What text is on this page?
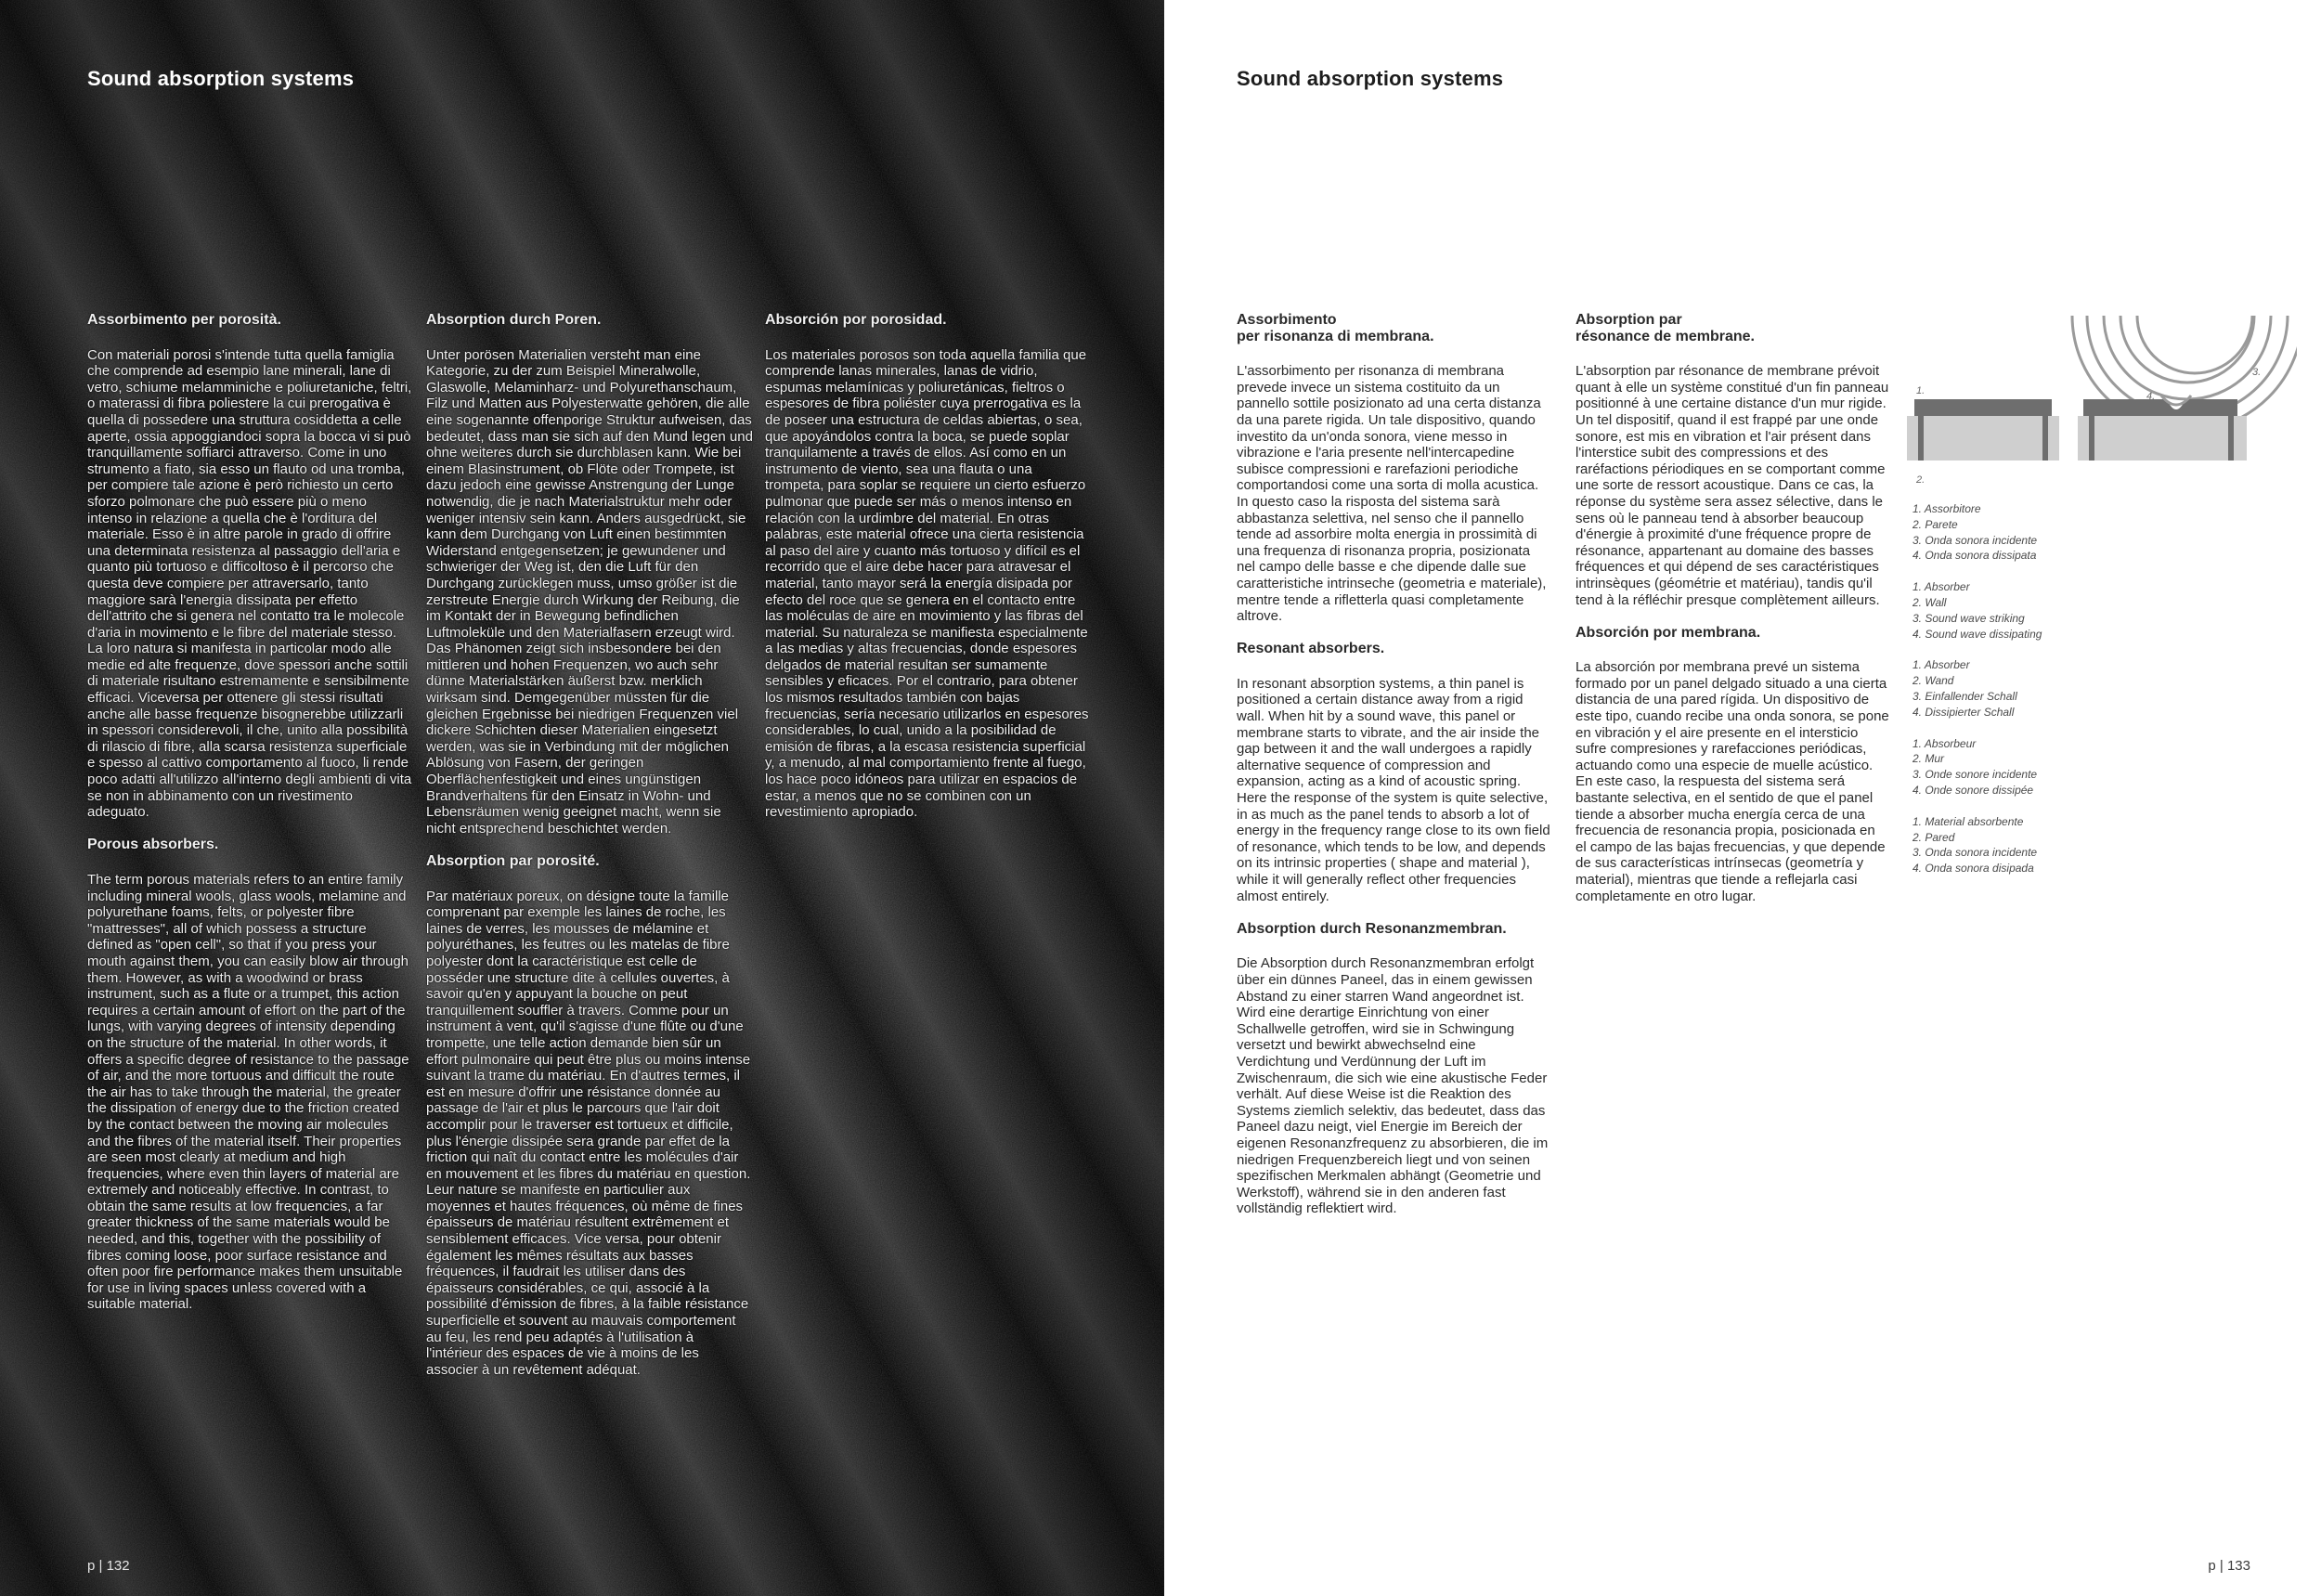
Sound absorption systems
Assorbimento per porosità.

Con materiali porosi s'intende tutta quella famiglia che comprende ad esempio lane minerali, lane di vetro, schiume melamminiche e poliuretaniche, feltri, o materassi di fibra poliestere la cui prerogativa è quella di possedere una struttura cosiddetta a celle aperte, ossia appoggiandoci sopra la bocca vi si può tranquillamente soffiarci attraverso. Come in uno strumento a fiato, sia esso un flauto od una tromba, per compiere tale azione è però richiesto un certo sforzo polmonare che può essere più o meno intenso in relazione a quella che è l'orditura del materiale. Esso è in altre parole in grado di offrire una determinata resistenza al passaggio dell'aria e quanto più tortuoso e difficoltoso è il percorso che questa deve compiere per attraversarlo, tanto maggiore sarà l'energia dissipata per effetto dell'attrito che si genera nel contatto tra le molecole d'aria in movimento e le fibre del materiale stesso.
La loro natura si manifesta in particolar modo alle medie ed alte frequenze, dove spessori anche sottili di materiale risultano estremamente e sensibilmente efficaci. Viceversa per ottenere gli stessi risultati anche alle basse frequenze bisognerebbe utilizzarli in spessori considerevoli, il che, unito alla possibilità di rilascio di fibre, alla scarsa resistenza superficiale e spesso al cattivo comportamento al fuoco, li rende poco adatti all'utilizzo all'interno degli ambienti di vita se non in abbinamento con un rivestimento adeguato.

Porous absorbers.

The term porous materials refers to an entire family including mineral wools, glass wools, melamine and polyurethane foams, felts, or polyester fibre "mattresses", all of which possess a structure defined as "open cell", so that if you press your mouth against them, you can easily blow air through them. However, as with a woodwind or brass instrument, such as a flute or a trumpet, this action requires a certain amount of effort on the part of the lungs, with varying degrees of intensity depending on the structure of the material. In other words, it offers a specific degree of resistance to the passage of air, and the more tortuous and difficult the route the air has to take through the material, the greater the dissipation of energy due to the friction created by the contact between the moving air molecules and the fibres of the material itself. Their properties are seen most clearly at medium and high frequencies, where even thin layers of material are extremely and noticeably effective. In contrast, to obtain the same results at low frequencies, a far greater thickness of the same materials would be needed, and this, together with the possibility of fibres coming loose, poor surface resistance and often poor fire performance makes them unsuitable for use in living spaces unless covered with a suitable material.

Absorption durch Poren.

Unter porösen Materialien versteht man eine Kategorie, zu der zum Beispiel Mineralwolle, Glaswolle, Melaminharz- und Polyurethanschaum, Filz und Matten aus Polyesterwatte gehören, die alle eine sogenannte offenporige Struktur aufweisen, das bedeutet, dass man sie sich auf den Mund legen und ohne weiteres durch sie durchblasen kann. Wie bei einem Blasinstrument, ob Flöte oder Trompete, ist dazu jedoch eine gewisse Anstrengung der Lunge notwendig, die je nach Materialstruktur mehr oder weniger intensiv sein kann. Anders ausgedrückt, sie kann dem Durchgang von Luft einen bestimmten Widerstand entgegensetzen; je gewundener und schwieriger der Weg ist, den die Luft für den Durchgang zurücklegen muss, umso größer ist die zerstreute Energie durch Wirkung der Reibung, die im Kontakt der in Bewegung befindlichen Luftmoleküle und den Materialfasern erzeugt wird. Das Phänomen zeigt sich insbesondere bei den mittleren und hohen Frequenzen, wo auch sehr dünne Materialstärken äußerst bzw. merklich wirksam sind. Demgegenüber müssten für die gleichen Ergebnisse bei niedrigen Frequenzen viel dickere Schichten dieser Materialien eingesetzt werden, was sie in Verbindung mit der möglichen Ablösung von Fasern, der geringen Oberflächenfestigkeit und eines ungünstigen Brandverhaltens für den Einsatz in Wohn- und Lebensräumen wenig geeignet macht, wenn sie nicht entsprechend beschichtet werden.

Absorption par porosité.

Par matériaux poreux, on désigne toute la famille comprenant par exemple les laines de roche, les laines de verres, les mousses de mélamine et polyuréthanes, les feutres ou les matelas de fibre polyester dont la caractéristique est celle de posséder une structure dite à cellules ouvertes, à savoir qu'en y appuyant la bouche on peut tranquillement souffler à travers. Comme pour un instrument à vent, qu'il s'agisse d'une flûte ou d'une trompette, une telle action demande bien sûr un effort pulmonaire qui peut être plus ou moins intense suivant la trame du matériau. En d'autres termes, il est en mesure d'offrir une résistance donnée au passage de l'air et plus le parcours que l'air doit accomplir pour le traverser est tortueux et difficile, plus l'énergie dissipée sera grande par effet de la friction qui naît du contact entre les molécules d'air en mouvement et les fibres du matériau en question. Leur nature se manifeste en particulier aux moyennes et hautes fréquences, où même de fines épaisseurs de matériau résultent extrêmement et sensiblement efficaces. Vice versa, pour obtenir également les mêmes résultats aux basses fréquences, il faudrait les utiliser dans des épaisseurs considérables, ce qui, associé à la possibilité d'émission de fibres, à la faible résistance superficielle et souvent au mauvais comportement au feu, les rend peu adaptés à l'utilisation à l'intérieur des espaces de vie à moins de les associer à un revêtement adéquat.

Absorción por porosidad.

Los materiales porosos son toda aquella familia que comprende lanas minerales, lanas de vidrio, espumas melamínicas y poliuretánicas, fieltros o espesores de fibra poliéster cuya prerrogativa es la de poseer una estructura de celdas abiertas, o sea, que apoyándolos contra la boca, se puede soplar tranquilamente a través de ellos. Así como en un instrumento de viento, sea una flauta o una trompeta, para soplar se requiere un cierto esfuerzo pulmonar que puede ser más o menos intenso en relación con la urdimbre del material. En otras palabras, este material ofrece una cierta resistencia al paso del aire y cuanto más tortuoso y difícil es el recorrido que el aire debe hacer para atravesar el material, tanto mayor será la energía disipada por efecto del roce que se genera en el contacto entre las moléculas de aire en movimiento y las fibras del material. Su naturaleza se manifiesta especialmente a las medias y altas frecuencias, donde espesores delgados de material resultan ser sumamente sensibles y eficaces. Por el contrario, para obtener los mismos resultados también con bajas frecuencias, sería necesario utilizarlos en espesores considerables, lo cual, unido a la posibilidad de emisión de fibras, a la escasa resistencia superficial y, a menudo, al mal comportamiento frente al fuego, los hace poco idóneos para utilizar en espacios de estar, a menos que no se combinen con un revestimiento apropiado.

p | 132
Sound absorption systems
Assorbimento
per risonanza di membrana.

L'assorbimento per risonanza di membrana prevede invece un sistema costituito da un pannello sottile posizionato ad una certa distanza da una parete rigida. Un tale dispositivo, quando investito da un'onda sonora, viene messo in vibrazione e l'aria presente nell'intercapedine subisce compressioni e rarefazioni periodiche comportandosi come una sorta di molla acustica. In questo caso la risposta del sistema sarà abbastanza selettiva, nel senso che il pannello tende ad assorbire molta energia in prossimità di una frequenza di risonanza propria, posizionata nel campo delle basse e che dipende dalle sue caratteristiche intrinseche (geometria e materiale), mentre tende a rifletterla quasi completamente altrove.

Resonant absorbers.

In resonant absorption systems, a thin panel is positioned a certain distance away from a rigid wall. When hit by a sound wave, this panel or membrane starts to vibrate, and the air inside the gap between it and the wall undergoes a rapidly alternative sequence of compression and expansion, acting as a kind of acoustic spring. Here the response of the system is quite selective, in as much as the panel tends to absorb a lot of energy in the frequency range close to its own field of resonance, which tends to be low, and depends on its intrinsic properties ( shape and material ), while it will generally reflect other frequencies almost entirely.

Absorption durch Resonanzmembran.

Die Absorption durch Resonanzmembran erfolgt über ein dünnes Paneel, das in einem gewissen Abstand zu einer starren Wand angeordnet ist. Wird eine derartige Einrichtung von einer Schallwelle getroffen, wird sie in Schwingung versetzt und bewirkt abwechselnd eine Verdichtung und Verdünnung der Luft im Zwischenraum, die sich wie eine akustische Feder verhält. Auf diese Weise ist die Reaktion des Systems ziemlich selektiv, das bedeutet, dass das Paneel dazu neigt, viel Energie im Bereich der eigenen Resonanzfrequenz zu absorbieren, die im niedrigen Frequenzbereich liegt und von seinen spezifischen Merkmalen abhängt (Geometrie und Werkstoff), während sie in den anderen fast vollständig reflektiert wird.

Absorption par
résonance de membrane.

L'absorption par résonance de membrane prévoit quant à elle un système constitué d'un fin panneau positionné à une certaine distance d'un mur rigide. Un tel dispositif, quand il est frappé par une onde sonore, est mis en vibration et l'air présent dans l'interstice subit des compressions et des raréfactions périodiques en se comportant comme une sorte de ressort acoustique. Dans ce cas, la réponse du système sera assez sélective, dans le sens où le panneau tend à absorber beaucoup d'énergie à proximité d'une fréquence propre de résonance, appartenant au domaine des basses fréquences et qui dépend de ses caractéristiques intrinsèques (géométrie et matériau), tandis qu'il tend à la réfléchir presque complètement ailleurs.

Absorción por membrana.

La absorción por membrana prevé un sistema formado por un panel delgado situado a una cierta distancia de una pared rígida. Un dispositivo de este tipo, cuando recibe una onda sonora, se pone en vibración y el aire presente en el intersticio sufre compresiones y rarefacciones periódicas, actuando como una especie de muelle acústico. En este caso, la respuesta del sistema será bastante selectiva, en el sentido de que el panel tiende a absorber mucha energía cerca de una frecuencia de resonancia propia, posicionada en el campo de las bajas frecuencias, y que depende de sus características intrínsecas (geometría y material), mientras que tiende a reflejarla casi completamente en otro lugar.

1.
2.
3.
4.
1. Assorbitore
2. Parete
3. Onda sonora incidente
4. Onda sonora dissipata
1. Absorber
2. Wall
3. Sound wave striking
4. Sound wave dissipating
1. Absorber
2. Wand
3. Einfallender Schall
4. Dissipierter Schall
1. Absorbeur
2. Mur
3. Onde sonore incidente
4. Onde sonore dissipée
1. Material absorbente
2. Pared
3. Onda sonora incidente
4. Onda sonora disipada
p | 133
